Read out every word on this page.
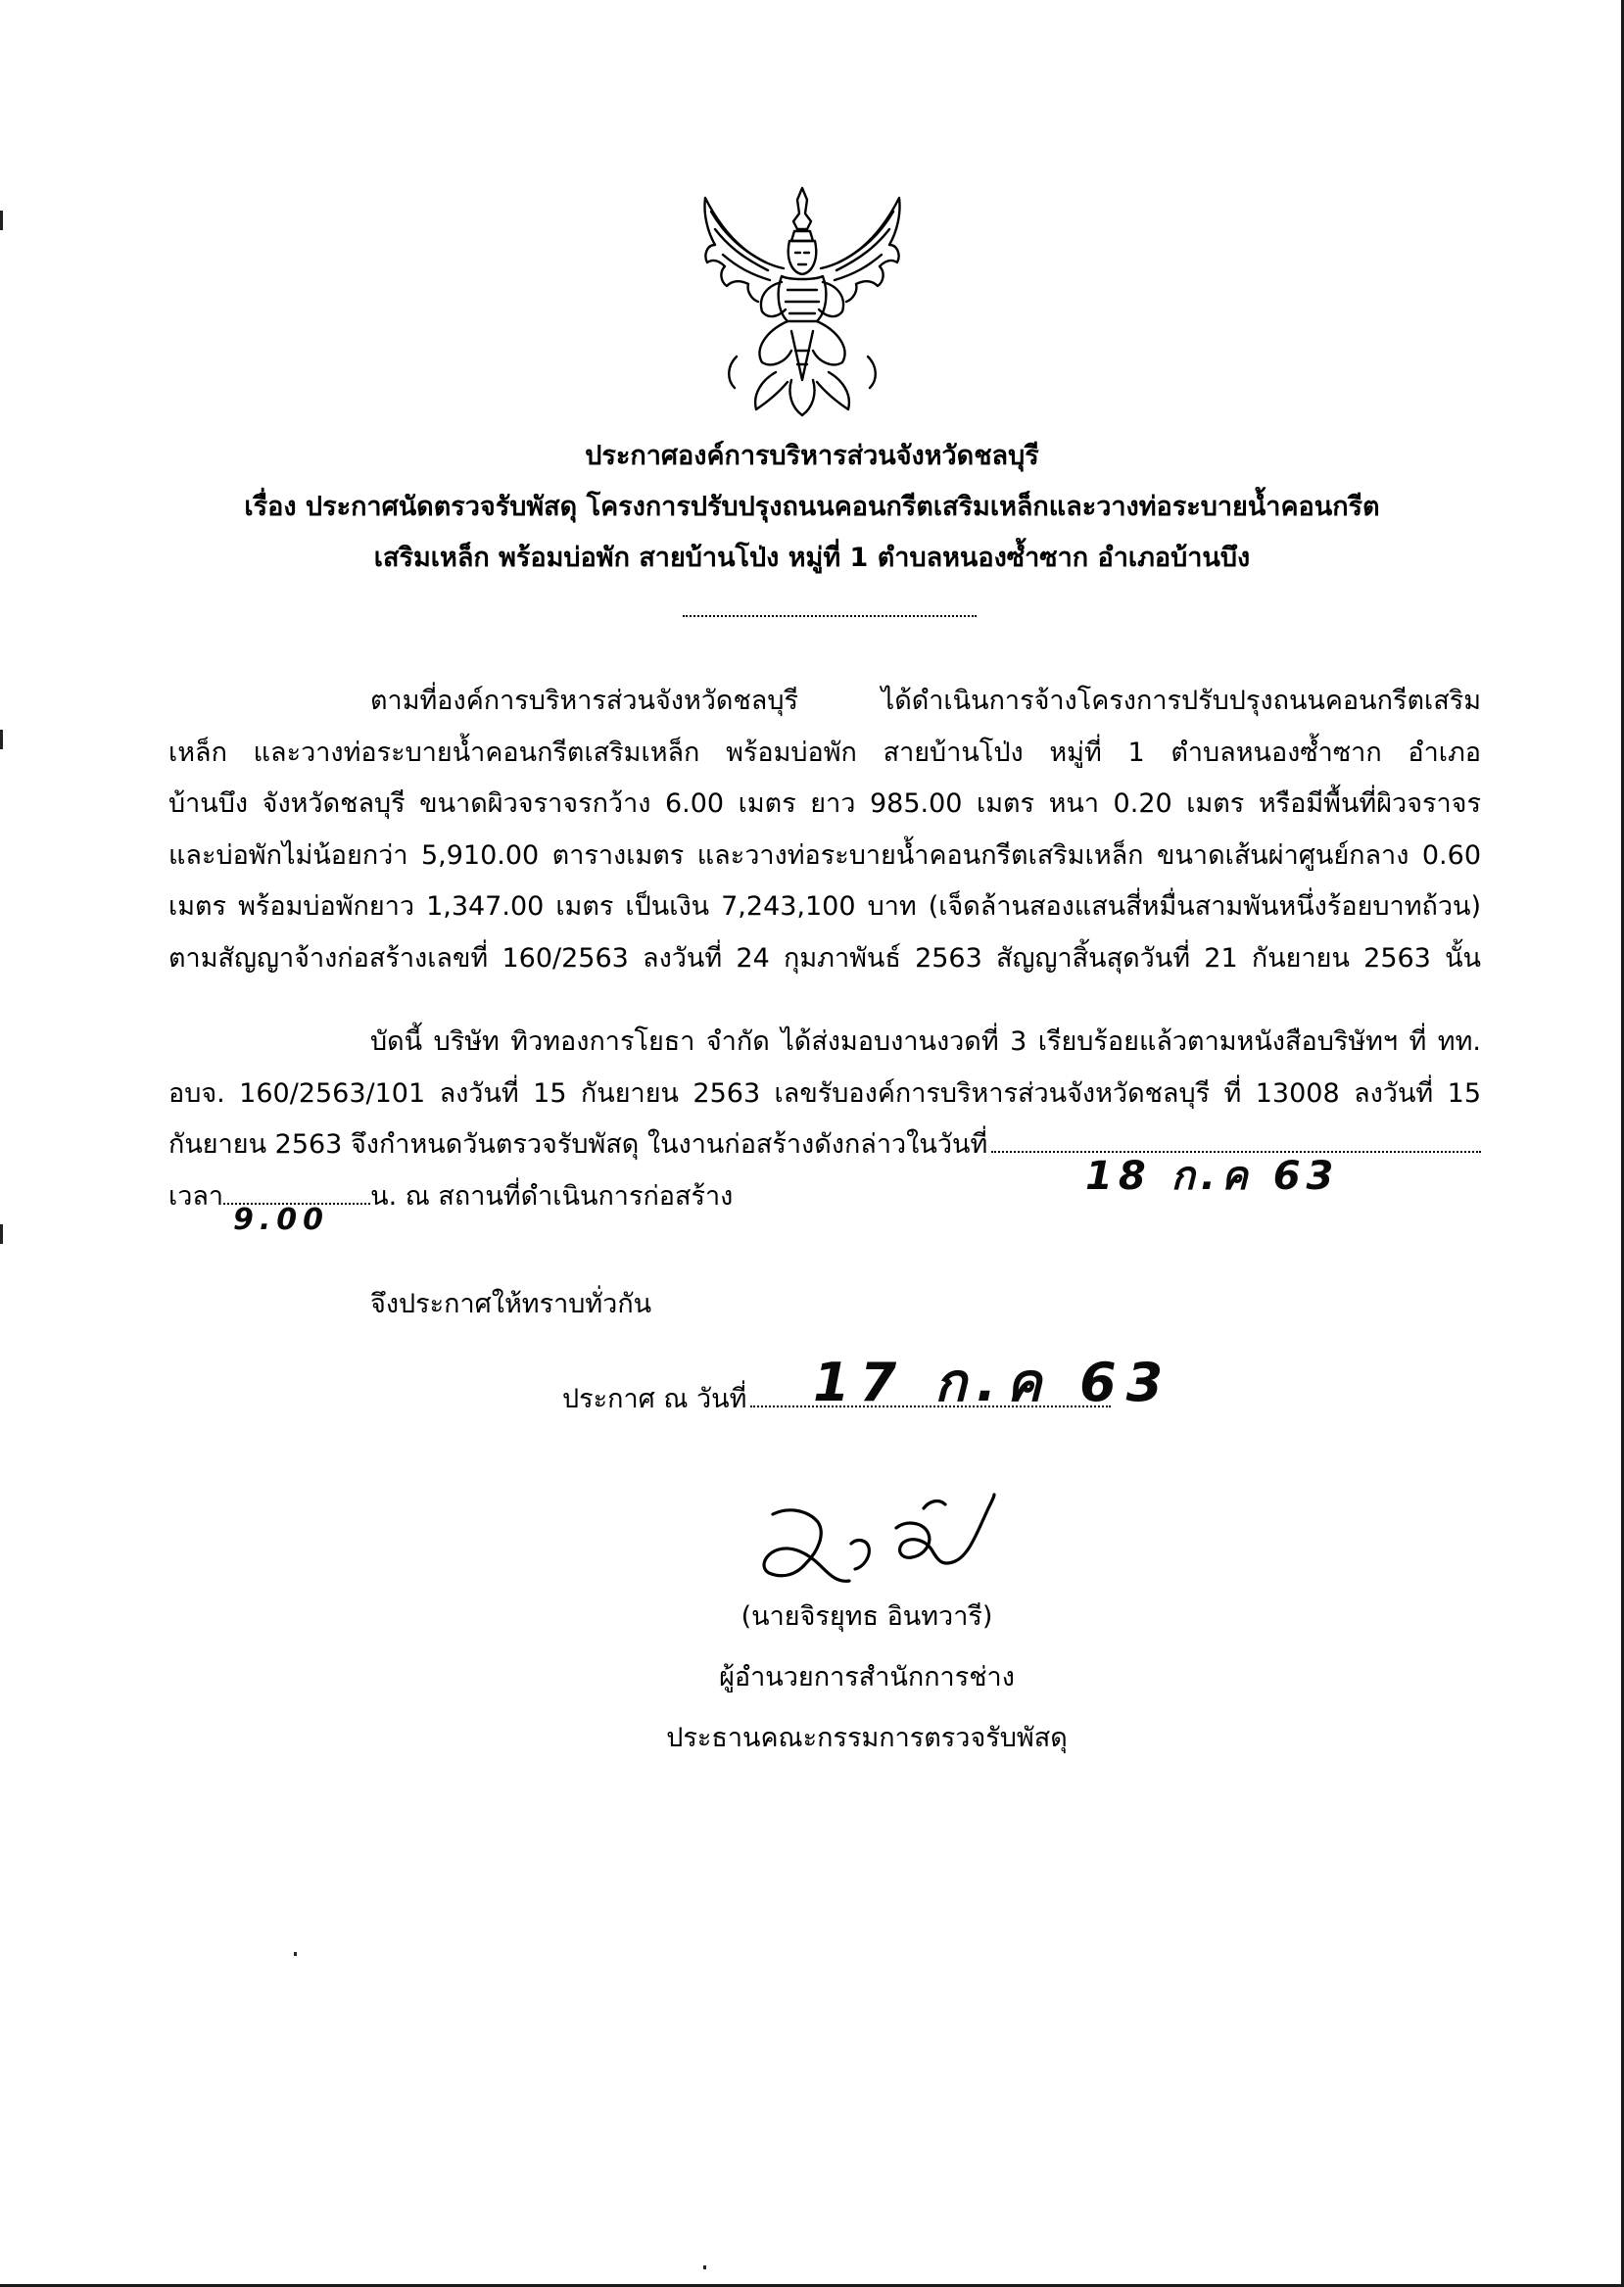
ประกาศองค์การบริหารส่วนจังหวัดชลบุรี
เรื่อง ประกาศนัดตรวจรับพัสดุ โครงการปรับปรุงถนนคอนกรีตเสริมเหล็กและวางท่อระบายน้ำคอนกรีต
เสริมเหล็ก พร้อมบ่อพัก สายบ้านโป่ง หมู่ที่ 1 ตำบลหนองซ้ำซาก อำเภอบ้านบึง
ตามที่องค์การบริหารส่วนจังหวัดชลบุรี ได้ดำเนินการจ้างโครงการปรับปรุงถนนคอนกรีตเสริม
เหล็ก และวางท่อระบายน้ำคอนกรีตเสริมเหล็ก พร้อมบ่อพัก สายบ้านโป่ง หมู่ที่ 1 ตำบลหนองซ้ำซาก อำเภอ
บ้านบึง จังหวัดชลบุรี ขนาดผิวจราจรกว้าง 6.00 เมตร ยาว 985.00 เมตร หนา 0.20 เมตร หรือมีพื้นที่ผิวจราจร
และบ่อพักไม่น้อยกว่า 5,910.00 ตารางเมตร และวางท่อระบายน้ำคอนกรีตเสริมเหล็ก ขนาดเส้นผ่าศูนย์กลาง 0.60
เมตร พร้อมบ่อพักยาว 1,347.00 เมตร เป็นเงิน 7,243,100 บาท (เจ็ดล้านสองแสนสี่หมื่นสามพันหนึ่งร้อยบาทถ้วน)
ตามสัญญาจ้างก่อสร้างเลขที่ 160/2563 ลงวันที่ 24 กุมภาพันธ์ 2563 สัญญาสิ้นสุดวันที่ 21 กันยายน 2563 นั้น
บัดนี้ บริษัท ทิวทองการโยธา จำกัด ได้ส่งมอบงานงวดที่ 3 เรียบร้อยแล้วตามหนังสือบริษัทฯ ที่ ทท.
อบจ. 160/2563/101 ลงวันที่ 15 กันยายน 2563 เลขรับองค์การบริหารส่วนจังหวัดชลบุรี ที่ 13008 ลงวันที่ 15
กันยายน 2563 จึงกำหนดวันตรวจรับพัสดุ ในงานก่อสร้างดังกล่าวในวันที่
เวลา	น. ณ สถานที่ดำเนินการก่อสร้าง	18 ก.ค 63
9.00
จึงประกาศให้ทราบทั่วกัน
ประกาศ ณ วันที่ 17 ก.ค 63
(นายจิรยุทธ อินทวารี)
ผู้อำนวยการสำนักการช่าง
ประธานคณะกรรมการตรวจรับพัสดุ
